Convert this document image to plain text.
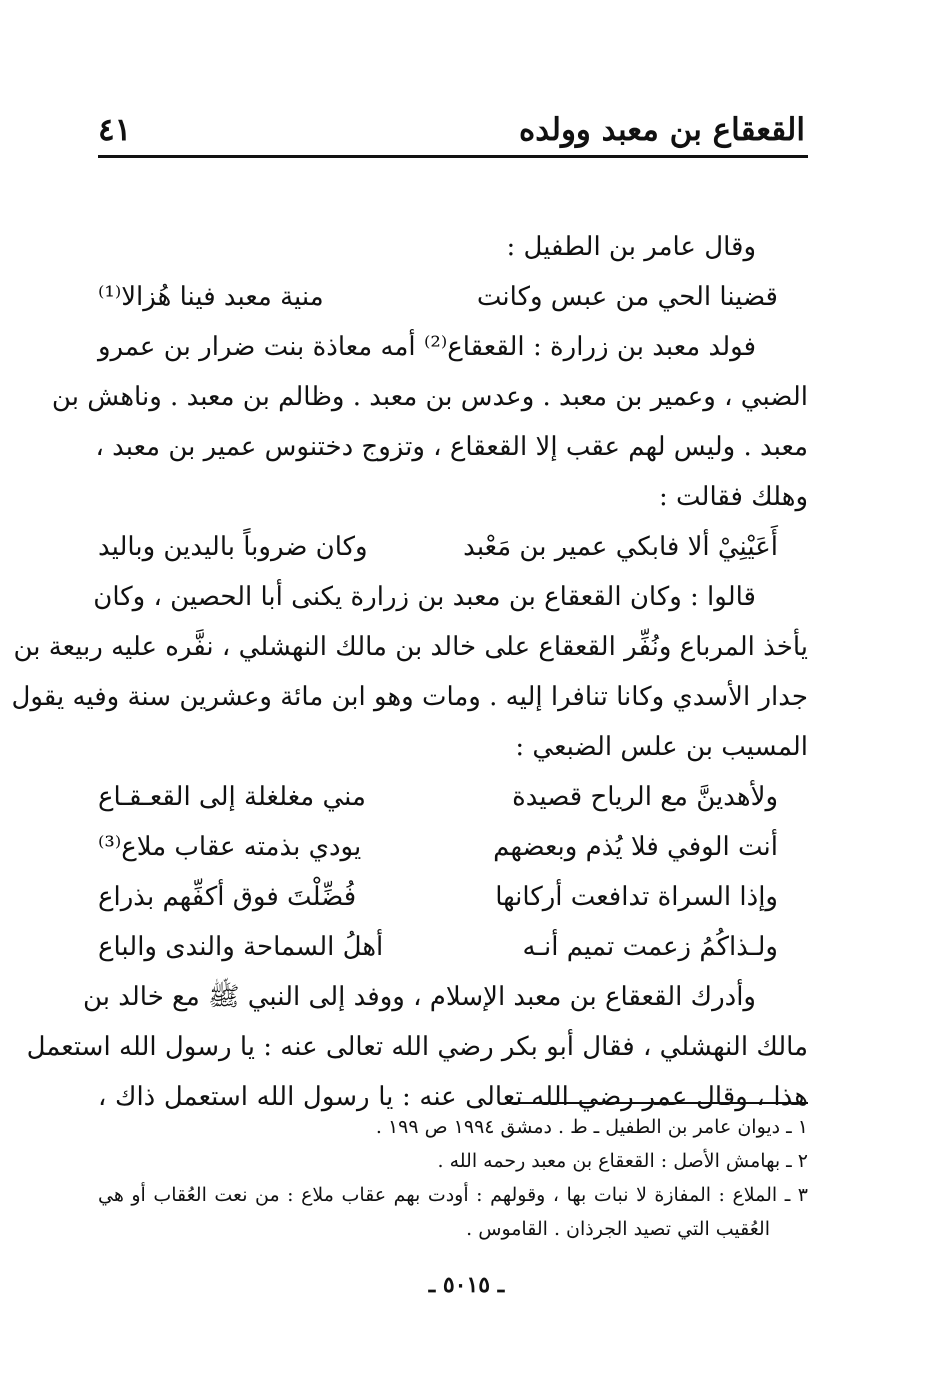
القعقاع بن معبد وولده
٤١
وقال عامر بن الطفيل :
قضينا الحي من عبس وكانت
منية معبد فينا هُزالا⁽¹⁾
فولد معبد بن زرارة : القعقاع⁽²⁾ أمه معاذة بنت ضرار بن عمرو
الضبي ، وعمير بن معبد . وعدس بن معبد . وظالم بن معبد . وناهش بن
معبد . وليس لهم عقب إلا القعقاع ، وتزوج دختنوس عمير بن معبد ،
وهلك فقالت :
أَعَيْنِيْ ألا فابكي عمير بن مَعْبد
وكان ضروباً باليدين وباليد
قالوا : وكان القعقاع بن معبد بن زرارة يكنى أبا الحصين ، وكان
يأخذ المرباع ونُفِّر القعقاع على خالد بن مالك النهشلي ، نفَّره عليه ربيعة بن
جدار الأسدي وكانا تنافرا إليه . ومات وهو ابن مائة وعشرين سنة وفيه يقول
المسيب بن علس الضبعي :
ولأهدينَّ مع الرياح قصيدة
مني مغلغلة إلى القعـقـاع
أنت الوفي فلا يُذم وبعضهم
يودي بذمته عقاب ملاع⁽³⁾
وإذا السراة تدافعت أركانها
فُضِّلْتَ فوق أكفِّهم بذراع
ولـذاكُمُ زعمت تميم أنـه
أهلُ السماحة والندى والباع
وأدرك القعقاع بن معبد الإسلام ، ووفد إلى النبي ﷺ مع خالد بن
مالك النهشلي ، فقال أبو بكر رضي الله تعالى عنه : يا رسول الله استعمل
هذا ، وقال عمر رضي الله تعالى عنه : يا رسول الله استعمل ذاك ،
١ ـ ديوان عامر بن الطفيل ـ ط . دمشق ١٩٩٤ ص ١٩٩ .
٢ ـ بهامش الأصل : القعقاع بن معبد رحمه الله .
٣ ـ الملاع : المفازة لا نبات بها ، وقولهم : أودت بهم عقاب ملاع : من نعت العُقاب أو هي
العُقيب التي تصيد الجرذان . القاموس .
ـ ٥٠١٥ ـ
